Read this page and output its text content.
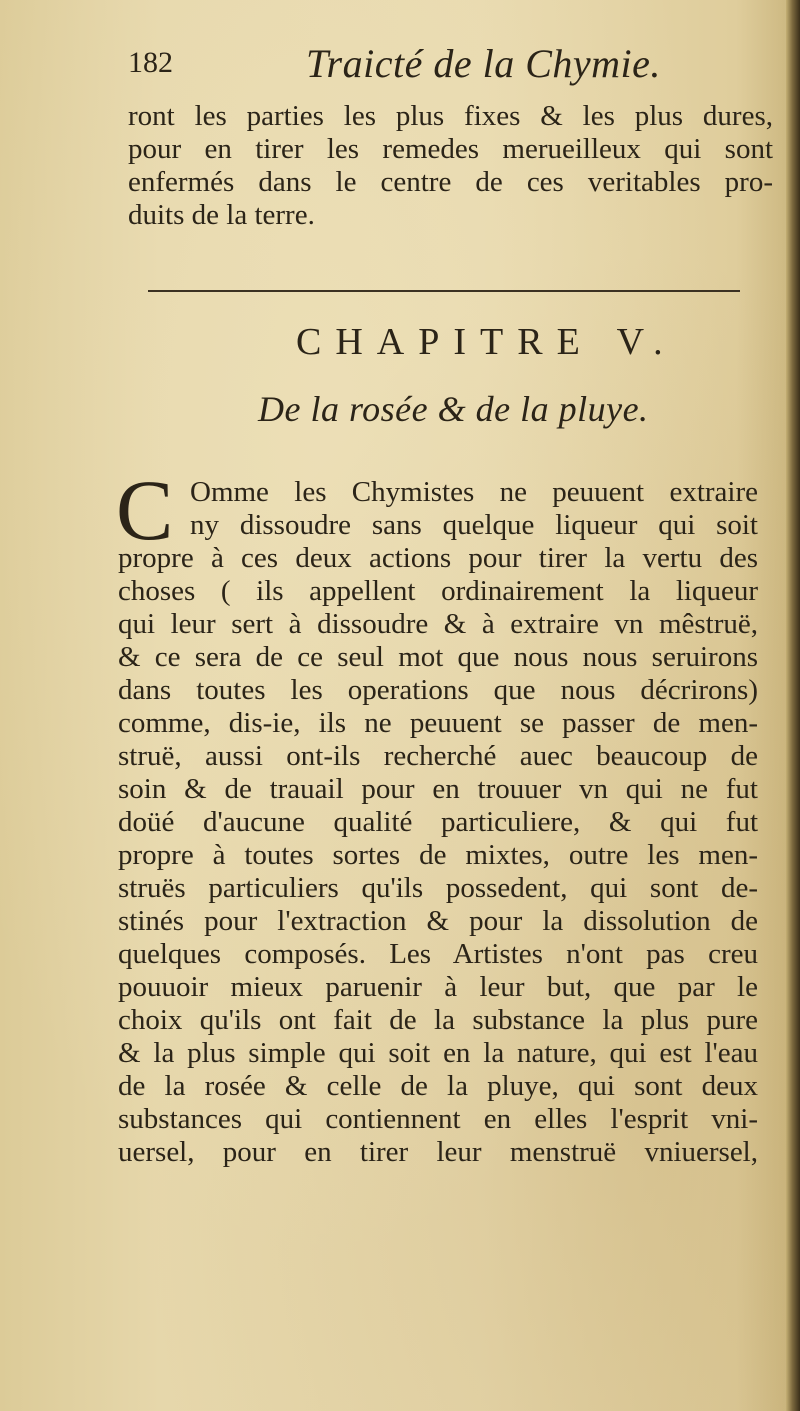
182	Traicté de la Chymie.
ront les parties les plus fixes & les plus dures,
pour en tirer les remedes merueilleux qui sont
enfermés dans le centre de ces veritables pro-
duits de la terre.
CHAPITRE V.
De la rosée & de la pluye.
C Omme les Chymistes ne peuuent extraire
ny dissoudre sans quelque liqueur qui soit
propre à ces deux actions pour tirer la vertu des
choses ( ils appellent ordinairement la liqueur
qui leur sert à dissoudre & à extraire vn mêstruë,
& ce sera de ce seul mot que nous nous seruirons
dans toutes les operations que nous décrirons)
comme, dis-ie, ils ne peuuent se passer de men-
struë, aussi ont-ils recherché auec beaucoup de
soin & de trauail pour en trouuer vn qui ne fut
doüé d'aucune qualité particuliere, & qui fut
propre à toutes sortes de mixtes, outre les men-
struës particuliers qu'ils possedent, qui sont de-
stinés pour l'extraction & pour la dissolution de
quelques composés. Les Artistes n'ont pas creu
pouuoir mieux paruenir à leur but, que par le
choix qu'ils ont fait de la substance la plus pure
& la plus simple qui soit en la nature, qui est l'eau
de la rosée & celle de la pluye, qui sont deux
substances qui contiennent en elles l'esprit vni-
uersel, pour en tirer leur menstruë vniuersel,
